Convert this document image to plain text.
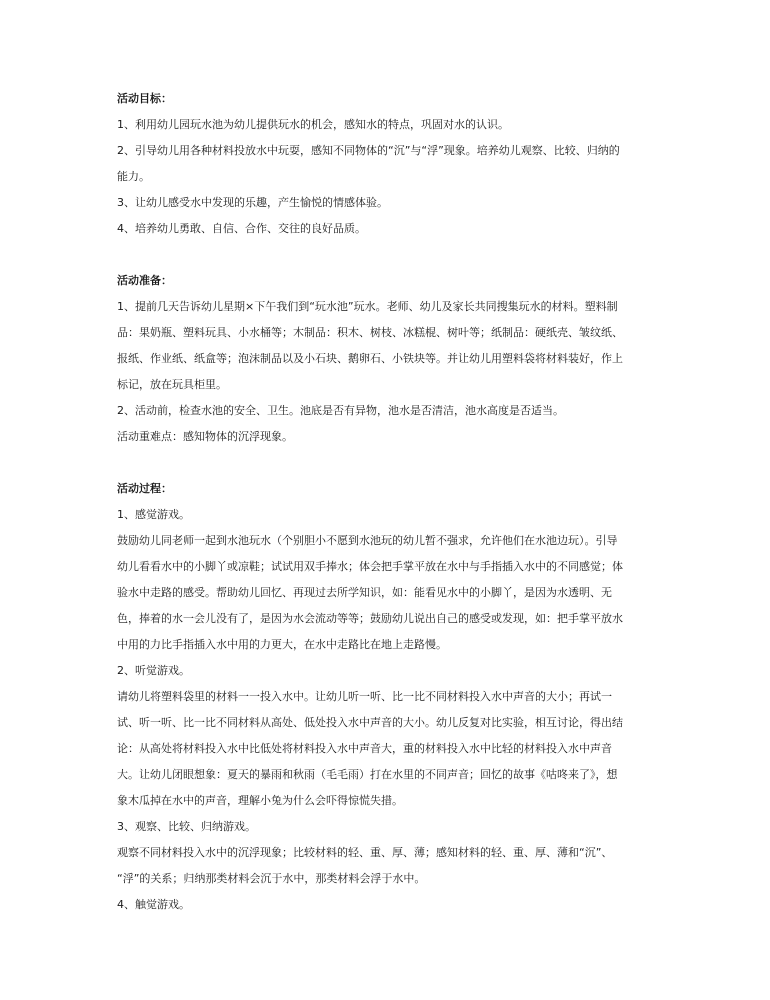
活动目标：
1、利用幼儿园玩水池为幼儿提供玩水的机会，感知水的特点，巩固对水的认识。
2、引导幼儿用各种材料投放水中玩耍，感知不同物体的“沉”与“浮”现象。培养幼儿观察、比较、归纳的
能力。
3、让幼儿感受水中发现的乐趣，产生愉悦的情感体验。
4、培养幼儿勇敢、自信、合作、交往的良好品质。
活动准备：
1、提前几天告诉幼儿星期×下午我们到“玩水池”玩水。老师、幼儿及家长共同搜集玩水的材料。塑料制
品：果奶瓶、塑料玩具、小水桶等；木制品：积木、树枝、冰糕棍、树叶等；纸制品：硬纸壳、皱纹纸、
报纸、作业纸、纸盒等；泡沫制品以及小石块、鹅卵石、小铁块等。并让幼儿用塑料袋将材料装好，作上
标记，放在玩具柜里。
2、活动前，检查水池的安全、卫生。池底是否有异物，池水是否清洁，池水高度是否适当。
活动重难点：感知物体的沉浮现象。
活动过程：
1、感觉游戏。
鼓励幼儿同老师一起到水池玩水（个别胆小不愿到水池玩的幼儿暂不强求，允许他们在水池边玩）。引导
幼儿看看水中的小脚丫或凉鞋；试试用双手捧水；体会把手掌平放在水中与手指插入水中的不同感觉；体
验水中走路的感受。帮助幼儿回忆、再现过去所学知识，如：能看见水中的小脚丫，是因为水透明、无
色，捧着的水一会儿没有了，是因为水会流动等等；鼓励幼儿说出自己的感受或发现，如：把手掌平放水
中用的力比手指插入水中用的力更大，在水中走路比在地上走路慢。
2、听觉游戏。
请幼儿将塑料袋里的材料一一投入水中。让幼儿听一听、比一比不同材料投入水中声音的大小；再试一
试、听一听、比一比不同材料从高处、低处投入水中声音的大小。幼儿反复对比实验，相互讨论，得出结
论：从高处将材料投入水中比低处将材料投入水中声音大，重的材料投入水中比轻的材料投入水中声音
大。让幼儿闭眼想象：夏天的暴雨和秋雨（毛毛雨）打在水里的不同声音；回忆的故事《咕咚来了》，想
象木瓜掉在水中的声音，理解小兔为什么会吓得惊慌失措。
3、观察、比较、归纳游戏。
观察不同材料投入水中的沉浮现象；比较材料的轻、重、厚、薄；感知材料的轻、重、厚、薄和“沉”、
“浮”的关系；归纳那类材料会沉于水中，那类材料会浮于水中。
4、触觉游戏。
